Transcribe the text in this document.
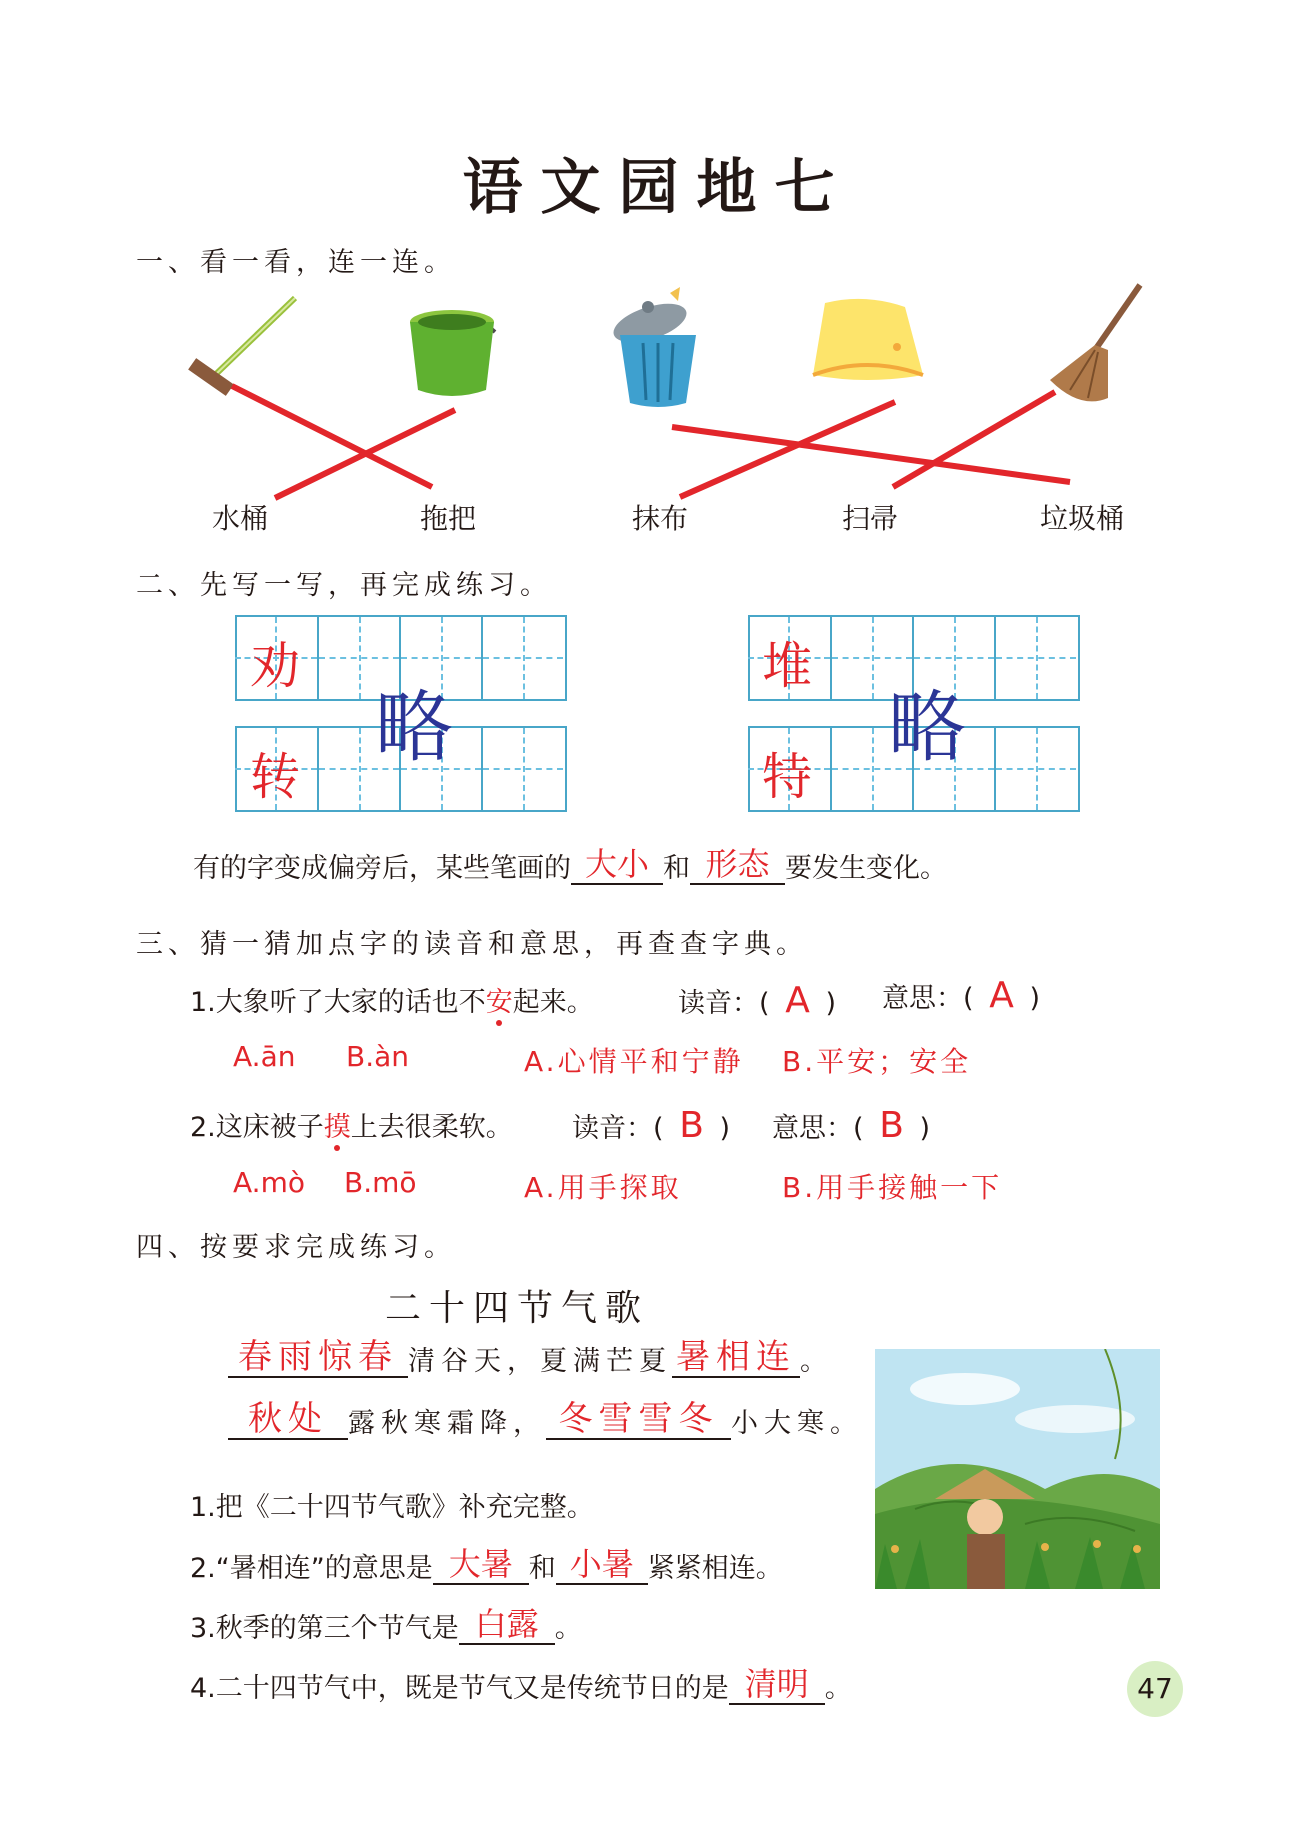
语文园地七
一、看一看，连一连。
水桶	拖把	抹布	扫帚	垃圾桶
二、先写一写，再完成练习。
劝
转
略
堆
特
略
有的字变成偏旁后，某些笔画的 大小 和 形态 要发生变化。
三、猜一猜加点字的读音和意思，再查查字典。
1.大象听了大家的话也不安起来。	读音：( A ) 意思：( A )
A.ān B.àn	A.心情平和宁静 B.平安；安全
2.这床被子摸上去很柔软。 读音：( B ) 意思：( B )
A.mò B.mō	A.用手探取	B.用手接触一下
四、按要求完成练习。
二十四节气歌
春雨惊春 清谷天，夏满芒夏 暑相连 。
秋处 露秋寒霜降， 冬雪雪冬 小大寒。
1.把《二十四节气歌》补充完整。
2.“暑相连”的意思是 大暑 和 小暑 紧紧相连。
3.秋季的第三个节气是 白露 。
4.二十四节气中，既是节气又是传统节日的是 清明 。	47
